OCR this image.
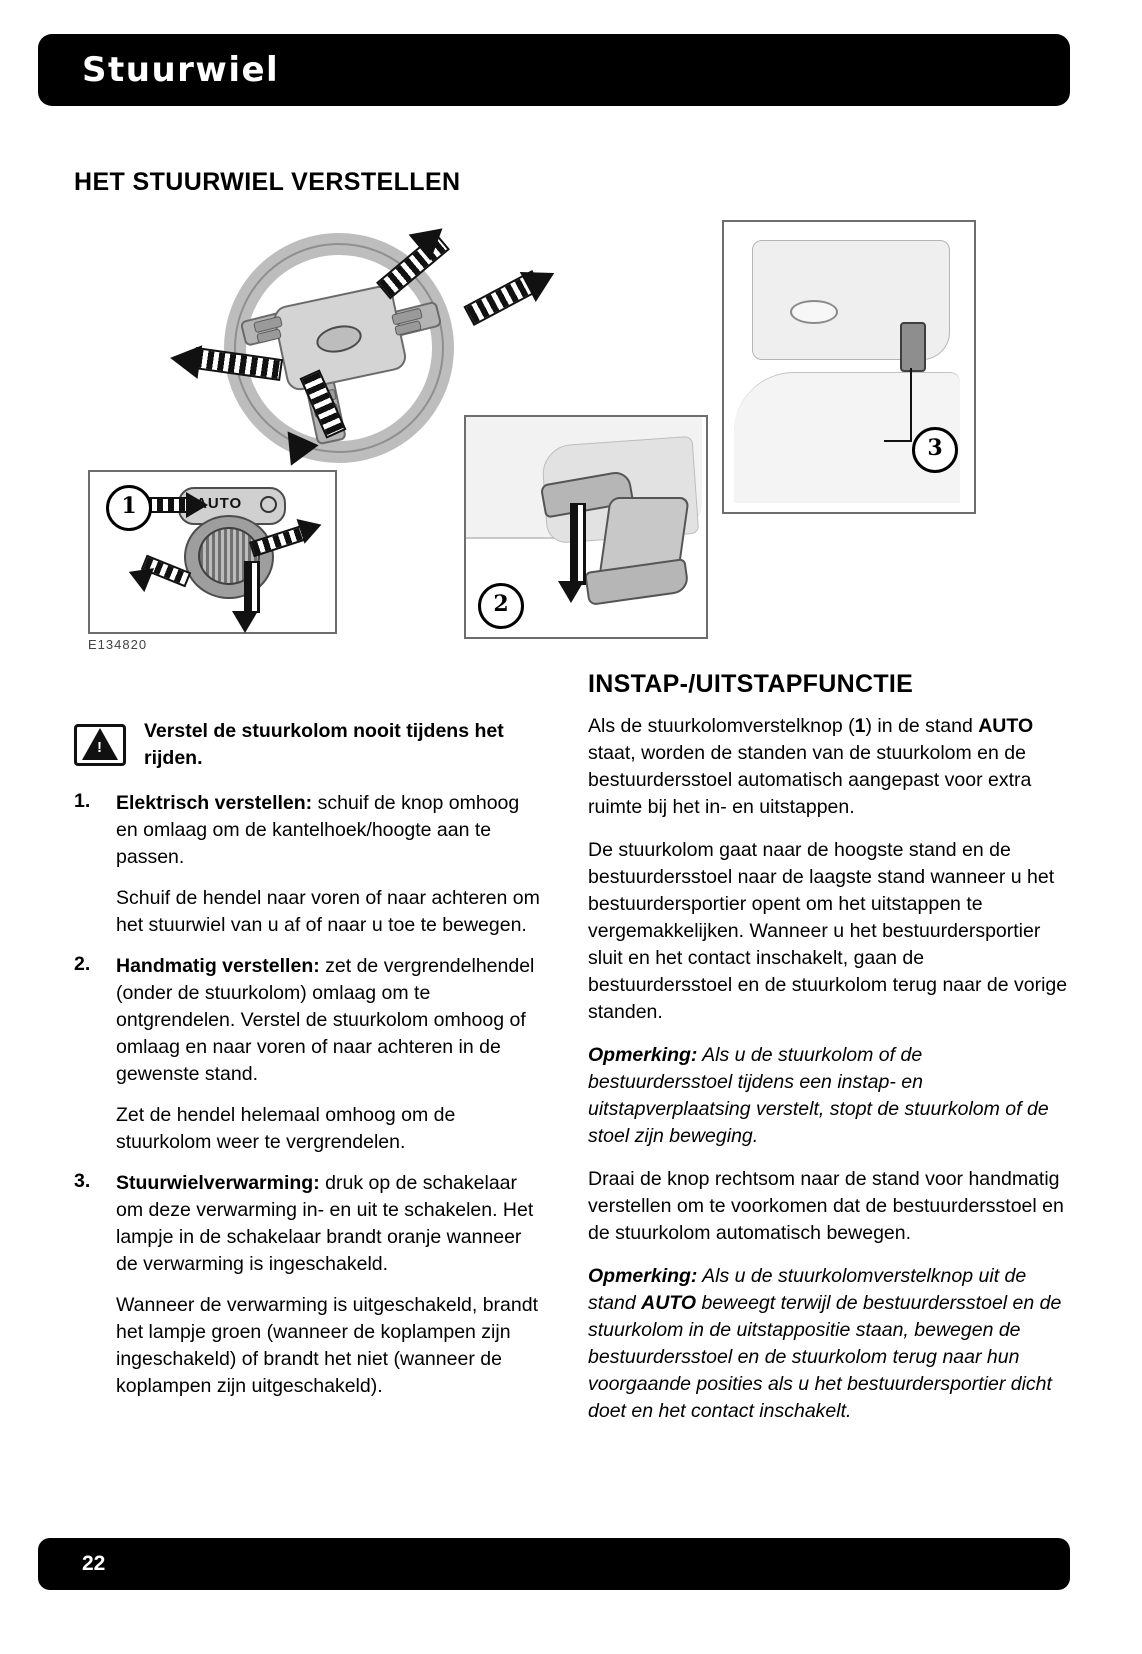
Stuurwiel
HET STUURWIEL VERSTELLEN
AUTO
1
2
3
E134820
!
Verstel de stuurkolom nooit tijdens het rijden.
1. Elektrisch verstellen: schuif de knop omhoog en omlaag om de kantelhoek/hoogte aan te passen.

Schuif de hendel naar voren of naar achteren om het stuurwiel van u af of naar u toe te bewegen.

2. Handmatig verstellen: zet de vergrendelhendel (onder de stuurkolom) omlaag om te ontgrendelen. Verstel de stuurkolom omhoog of omlaag en naar voren of naar achteren in de gewenste stand.

Zet de hendel helemaal omhoog om de stuurkolom weer te vergrendelen.

3. Stuurwielverwarming: druk op de schakelaar om deze verwarming in- en uit te schakelen. Het lampje in de schakelaar brandt oranje wanneer de verwarming is ingeschakeld.

Wanneer de verwarming is uitgeschakeld, brandt het lampje groen (wanneer de koplampen zijn ingeschakeld) of brandt het niet (wanneer de koplampen zijn uitgeschakeld).

INSTAP-/UITSTAPFUNCTIE

Als de stuurkolomverstelknop (1) in de stand AUTO staat, worden de standen van de stuurkolom en de bestuurdersstoel automatisch aangepast voor extra ruimte bij het in- en uitstappen.

De stuurkolom gaat naar de hoogste stand en de bestuurdersstoel naar de laagste stand wanneer u het bestuurdersportier opent om het uitstappen te vergemakkelijken. Wanneer u het bestuurdersportier sluit en het contact inschakelt, gaan de bestuurdersstoel en de stuurkolom terug naar de vorige standen.

Opmerking: Als u de stuurkolom of de bestuurdersstoel tijdens een instap- en uitstapverplaatsing verstelt, stopt de stuurkolom of de stoel zijn beweging.

Draai de knop rechtsom naar de stand voor handmatig verstellen om te voorkomen dat de bestuurdersstoel en de stuurkolom automatisch bewegen.

Opmerking: Als u de stuurkolomverstelknop uit de stand AUTO beweegt terwijl de bestuurdersstoel en de stuurkolom in de uitstappositie staan, bewegen de bestuurdersstoel en de stuurkolom terug naar hun voorgaande posities als u het bestuurdersportier dicht doet en het contact inschakelt.

22
